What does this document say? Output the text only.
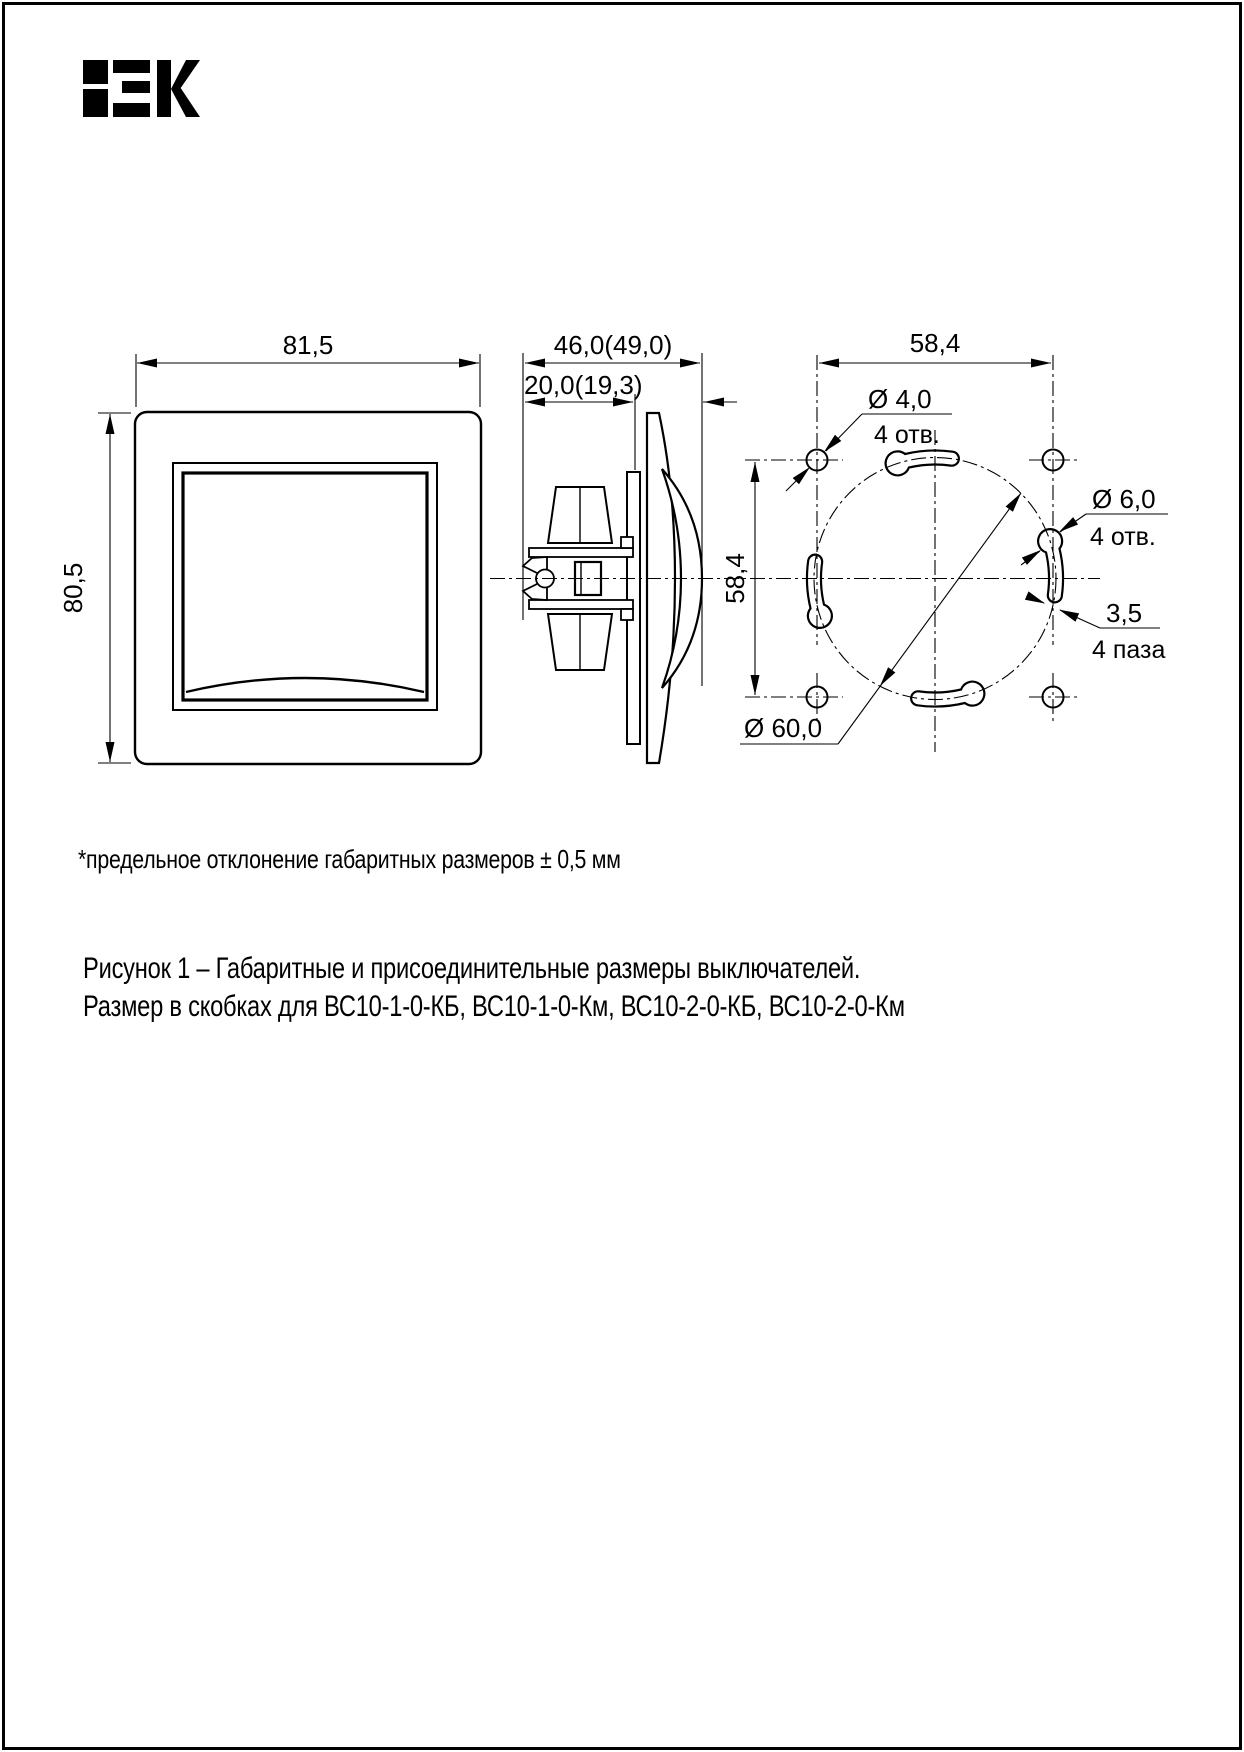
81,5
80,5
46,0(49,0)
20,0(19,3)
58,4
58,4
Ø 4,0
4 отв.
Ø 6,0
4 отв.
3,5
4 паза
Ø 60,0
*предельное отклонение габаритных размеров ± 0,5 мм
Рисунок 1 – Габаритные и присоединительные размеры выключателей.
Размер в скобках для ВС10-1-0-КБ, ВС10-1-0-Км, ВС10-2-0-КБ, ВС10-2-0-Км
